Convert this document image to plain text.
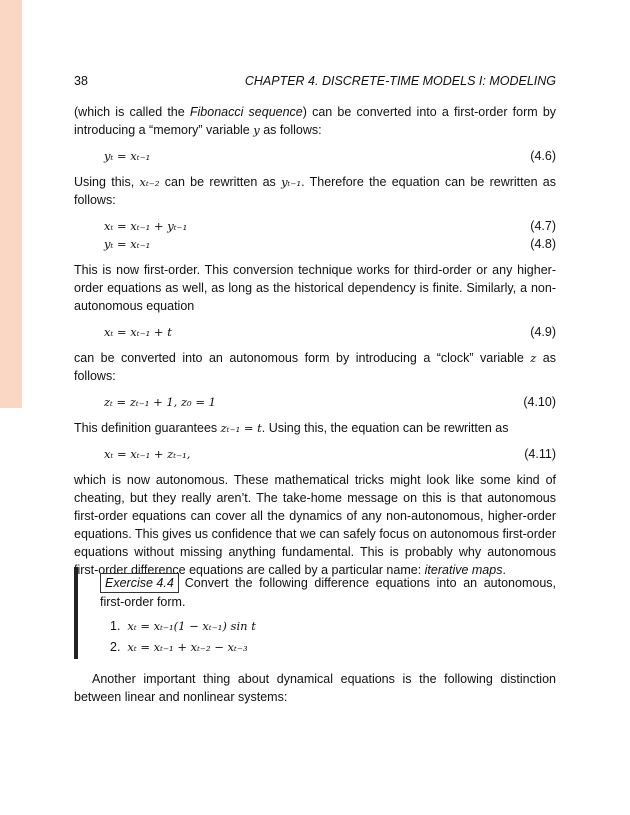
38	CHAPTER 4. DISCRETE-TIME MODELS I: MODELING

(which is called the Fibonacci sequence) can be converted into a first-order form by introducing a “memory” variable y as follows:

yₜ = xₜ₋₁	(4.6)

Using this, xₜ₋₂ can be rewritten as yₜ₋₁. Therefore the equation can be rewritten as follows:

xₜ = xₜ₋₁ + yₜ₋₁	(4.7)
yₜ = xₜ₋₁	(4.8)

This is now first-order. This conversion technique works for third-order or any higher-order equations as well, as long as the historical dependency is finite. Similarly, a non-autonomous equation

xₜ = xₜ₋₁ + t	(4.9)

can be converted into an autonomous form by introducing a “clock” variable z as follows:

zₜ = zₜ₋₁ + 1, z₀ = 1	(4.10)

This definition guarantees zₜ₋₁ = t. Using this, the equation can be rewritten as

xₜ = xₜ₋₁ + zₜ₋₁,	(4.11)

which is now autonomous. These mathematical tricks might look like some kind of cheating, but they really aren’t. The take-home message on this is that autonomous first-order equations can cover all the dynamics of any non-autonomous, higher-order equations. This gives us confidence that we can safely focus on autonomous first-order equations without missing anything fundamental. This is probably why autonomous first-order difference equations are called by a particular name: iterative maps.

Exercise 4.4 Convert the following difference equations into an autonomous, first-order form.

1. xₜ = xₜ₋₁(1 − xₜ₋₁) sin t
2. xₜ = xₜ₋₁ + xₜ₋₂ − xₜ₋₃

Another important thing about dynamical equations is the following distinction between linear and nonlinear systems:
